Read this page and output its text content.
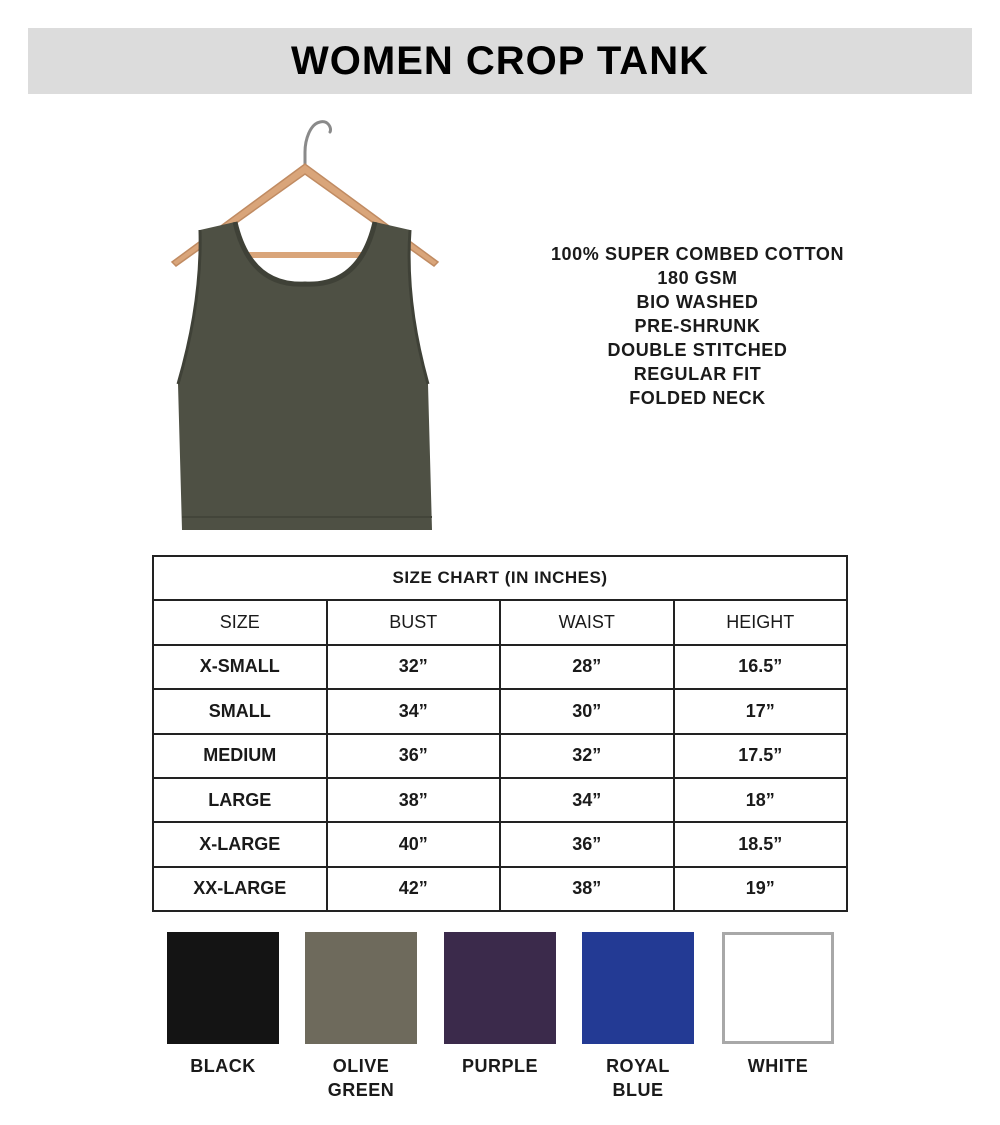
WOMEN CROP TANK
100% SUPER COMBED COTTON
180 GSM
BIO WASHED
PRE-SHRUNK
DOUBLE STITCHED
REGULAR FIT
FOLDED NECK
SIZE CHART (IN INCHES)			
SIZE	BUST	WAIST	HEIGHT
X-SMALL	32”	28”	16.5”
SMALL	34”	30”	17”
MEDIUM	36”	32”	17.5”
LARGE	38”	34”	18”
X-LARGE	40”	36”	18.5”
XX-LARGE	42”	38”	19”
BLACK	OLIVE
GREEN
PURPLE	ROYAL
BLUE
WHITE
